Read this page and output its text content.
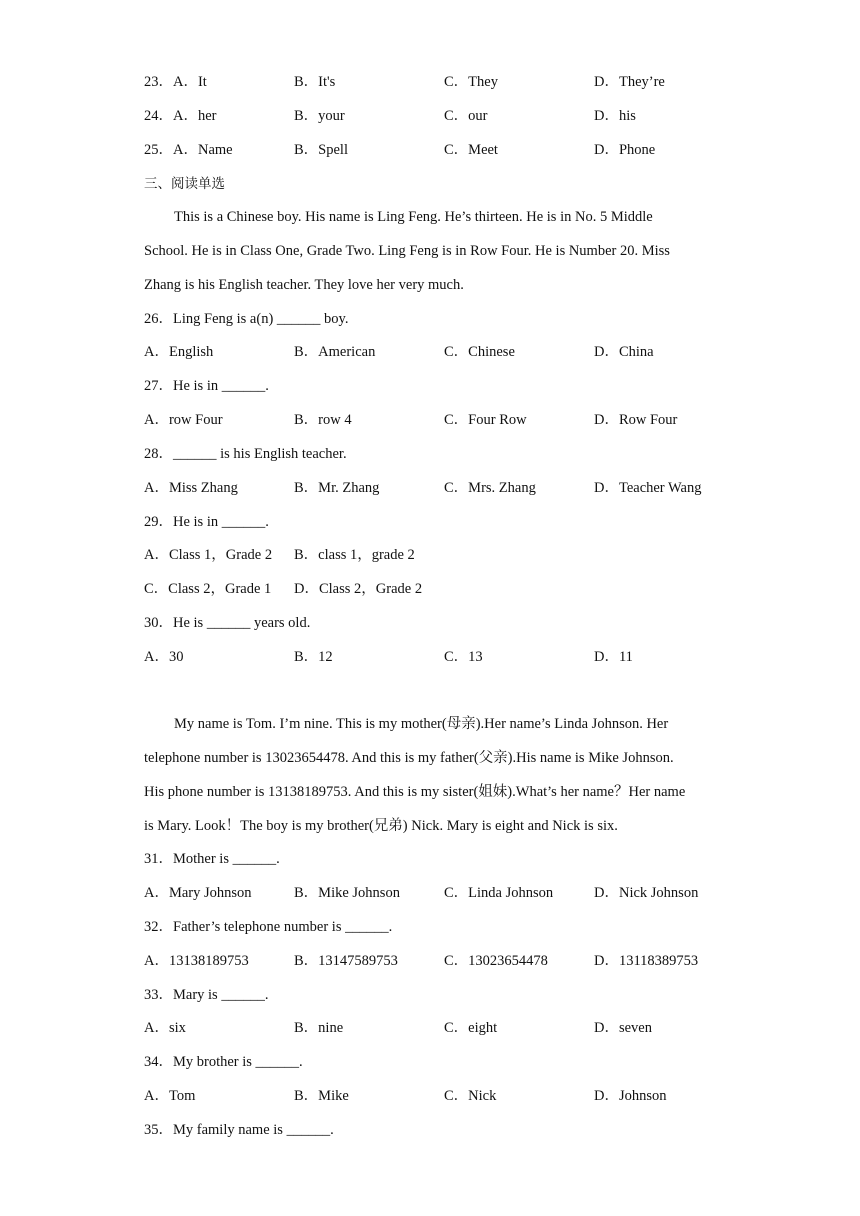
23．A．It	B．It's	C．They	D．They’re
24．A．her	B．your	C．our	D．his
25．A．Name	B．Spell	C．Meet	D．Phone
三、阅读单选
This is a Chinese boy. His name is Ling Feng. He’s thirteen. He is in No. 5 Middle
School. He is in Class One, Grade Two. Ling Feng is in Row Four. He is Number 20. Miss
Zhang is his English teacher. They love her very much.
26．Ling Feng is a(n) ______ boy.
A．English	B．American	C．Chinese	D．China
27．He is in ______.
A．row Four	B．row 4	C．Four Row	D．Row Four
28．______ is his English teacher.
A．Miss Zhang	B．Mr. Zhang	C．Mrs. Zhang	D．Teacher Wang
29．He is in ______.
A．Class 1，Grade 2 B．class 1，grade 2
C．Class 2，Grade 1 D．Class 2，Grade 2
30．He is ______ years old.
A．30	B．12	C．13	D．11
My name is Tom. I’m nine. This is my mother(母亲).Her name’s Linda Johnson. Her
telephone number is 13023654478. And this is my father(父亲).His name is Mike Johnson.
His phone number is 13138189753. And this is my sister(姐妹).What’s her name？Her name
is Mary. Look！The boy is my brother(兄弟) Nick. Mary is eight and Nick is six.
31．Mother is ______.
A．Mary Johnson	B．Mike Johnson	C．Linda Johnson	D．Nick Johnson
32．Father’s telephone number is ______.
A．13138189753	B．13147589753	C．13023654478	D．13118389753
33．Mary is ______.
A．six	B．nine	C．eight	D．seven
34．My brother is ______.
A．Tom	B．Mike	C．Nick	D．Johnson
35．My family name is ______.
